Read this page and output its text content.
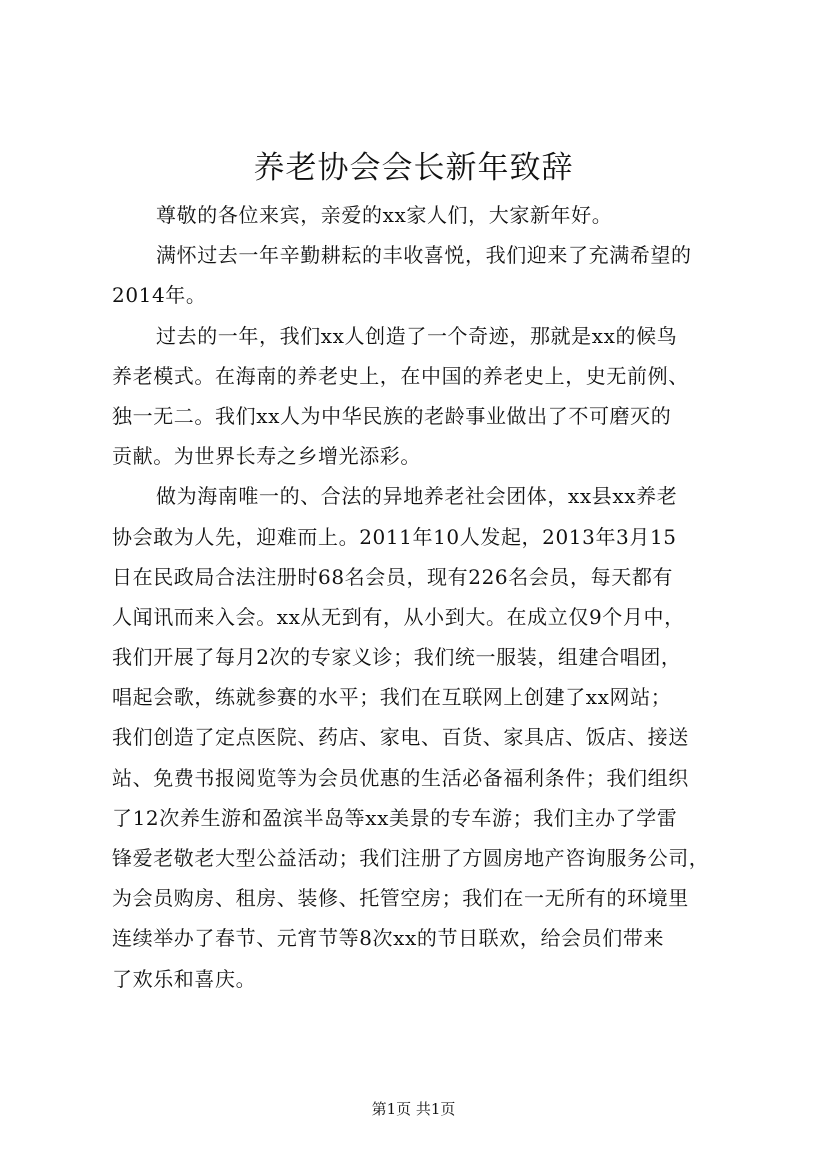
养老协会会长新年致辞
尊敬的各位来宾，亲爱的xx家人们，大家新年好。
满怀过去一年辛勤耕耘的丰收喜悦，我们迎来了充满希望的
2014年。
过去的一年，我们xx人创造了一个奇迹，那就是xx的候鸟
养老模式。在海南的养老史上，在中国的养老史上，史无前例、
独一无二。我们xx人为中华民族的老龄事业做出了不可磨灭的
贡献。为世界长寿之乡增光添彩。
做为海南唯一的、合法的异地养老社会团体，xx县xx养老
协会敢为人先，迎难而上。2011年10人发起，2013年3月15
日在民政局合法注册时68名会员，现有226名会员，每天都有
人闻讯而来入会。xx从无到有，从小到大。在成立仅9个月中，
我们开展了每月2次的专家义诊；我们统一服装，组建合唱团，
唱起会歌，练就参赛的水平；我们在互联网上创建了xx网站；
我们创造了定点医院、药店、家电、百货、家具店、饭店、接送
站、免费书报阅览等为会员优惠的生活必备福利条件；我们组织
了12次养生游和盈滨半岛等xx美景的专车游；我们主办了学雷
锋爱老敬老大型公益活动；我们注册了方圆房地产咨询服务公司，
为会员购房、租房、装修、托管空房；我们在一无所有的环境里
连续举办了春节、元宵节等8次xx的节日联欢，给会员们带来
了欢乐和喜庆。
第1页 共1页
